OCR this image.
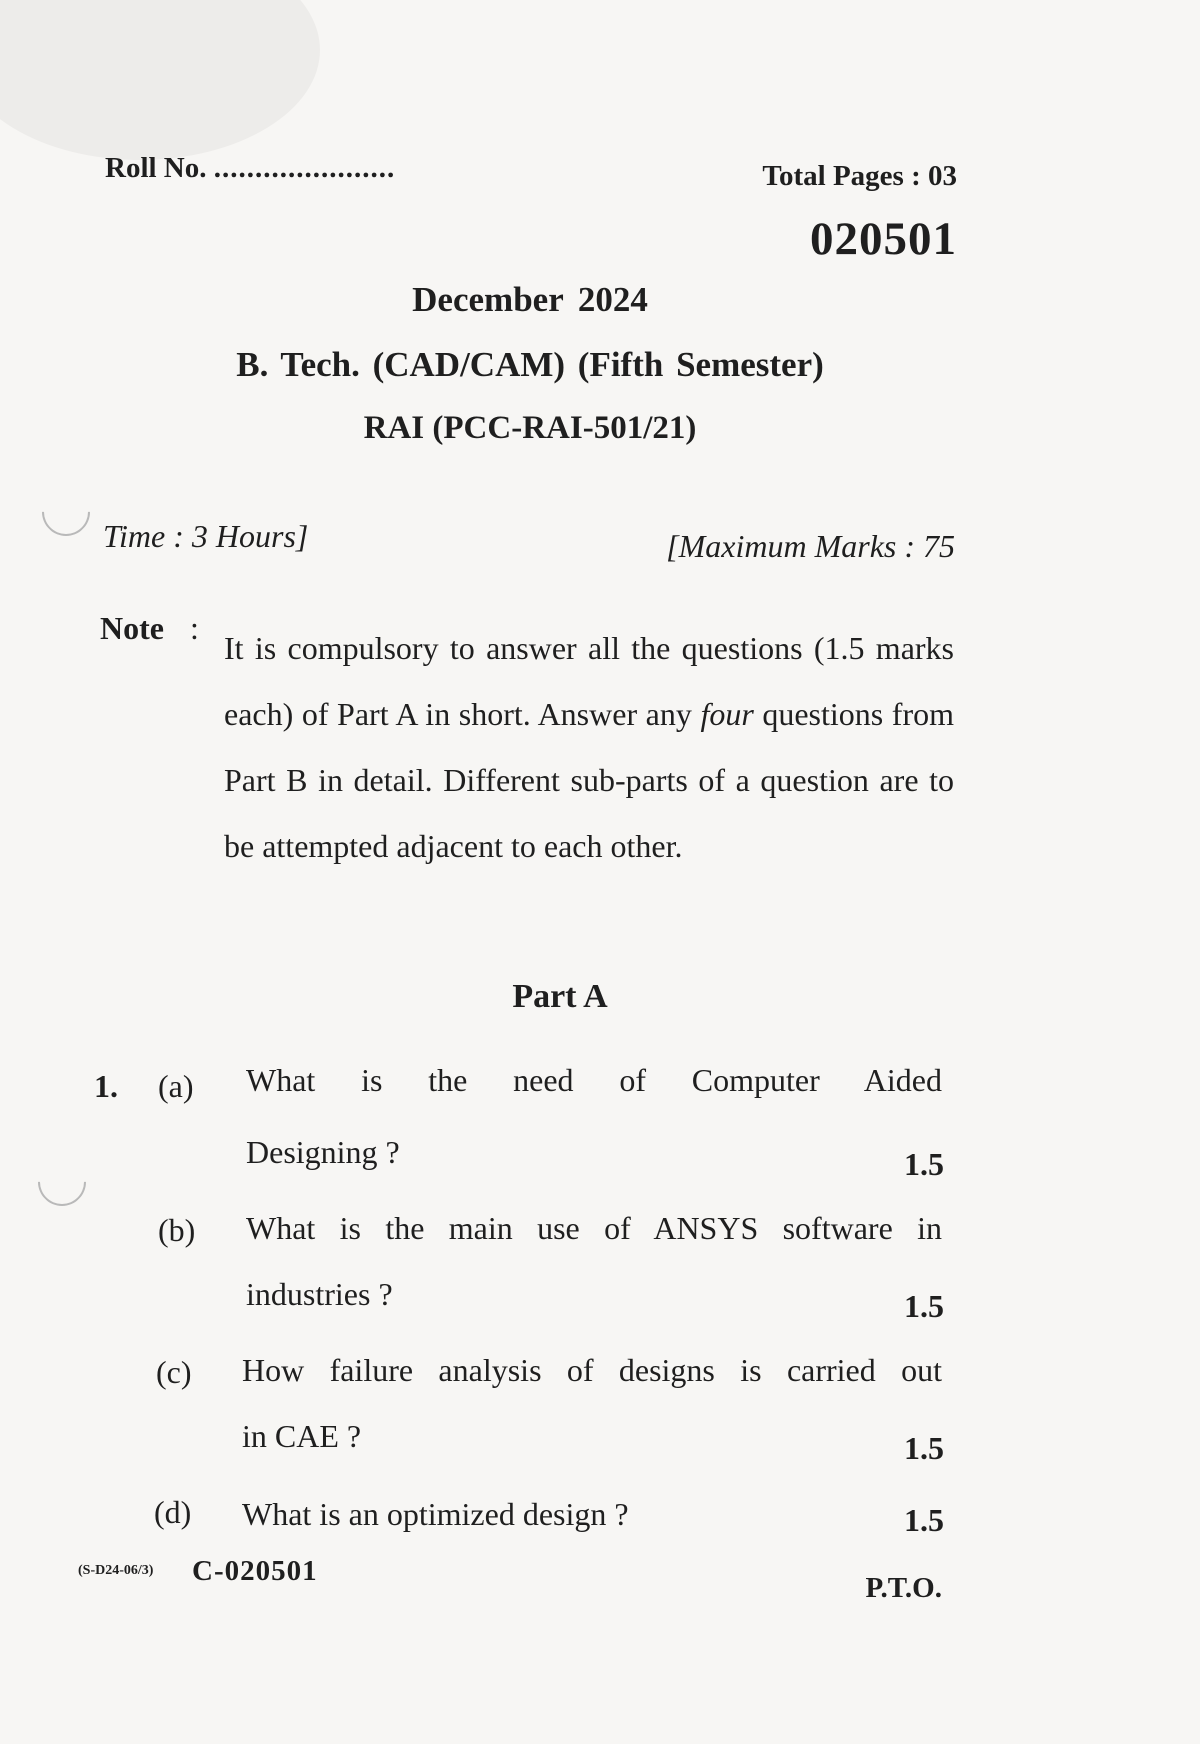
Roll No. ......................	Total Pages : 03
020501
December 2024
B. Tech. (CAD/CAM) (Fifth Semester)
RAI (PCC-RAI-501/21)
Time : 3 Hours]	[Maximum Marks : 75
Note :
It is compulsory to answer all the questions (1.5 marks each) of Part A in short. Answer any four questions from Part B in detail. Different sub-parts of a question are to be attempted adjacent to each other.
Part A
1. (a) What is the need of Computer Aided
Designing ?	1.5
(b) What is the main use of ANSYS software in
industries ?	1.5
(c) How failure analysis of designs is carried out
in CAE ?	1.5
(d) What is an optimized design ?	1.5
(S-D24-06/3) C-020501
P.T.O.
